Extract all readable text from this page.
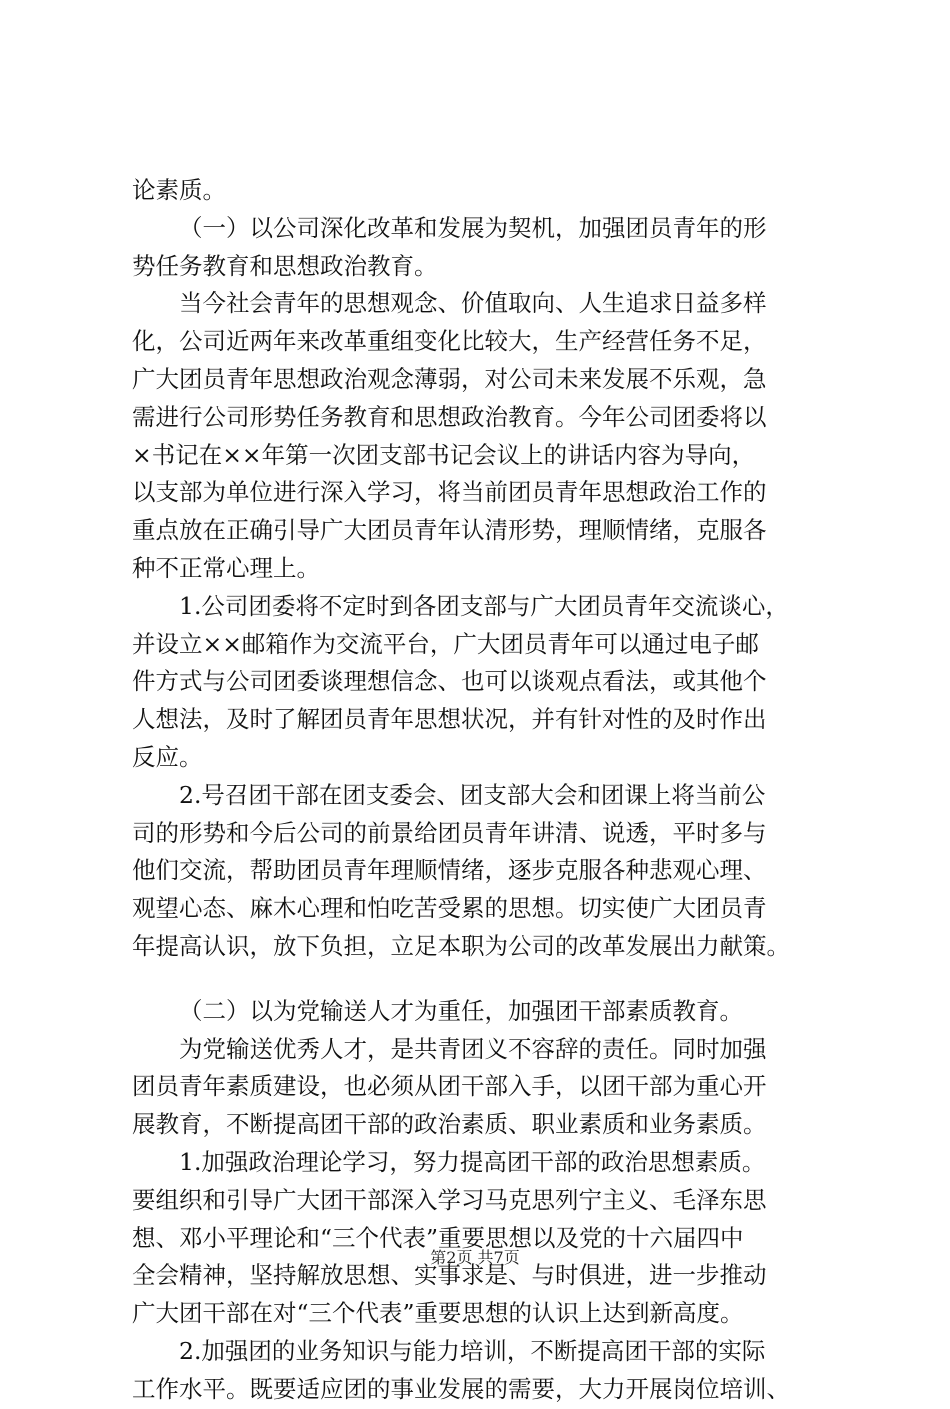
论素质。
（一）以公司深化改革和发展为契机，加强团员青年的形
势任务教育和思想政治教育。
当今社会青年的思想观念、价值取向、人生追求日益多样
化，公司近两年来改革重组变化比较大，生产经营任务不足，
广大团员青年思想政治观念薄弱，对公司未来发展不乐观，急
需进行公司形势任务教育和思想政治教育。今年公司团委将以
×书记在××年第一次团支部书记会议上的讲话内容为导向，
以支部为单位进行深入学习，将当前团员青年思想政治工作的
重点放在正确引导广大团员青年认清形势，理顺情绪，克服各
种不正常心理上。
1.公司团委将不定时到各团支部与广大团员青年交流谈心，
并设立××邮箱作为交流平台，广大团员青年可以通过电子邮
件方式与公司团委谈理想信念、也可以谈观点看法，或其他个
人想法，及时了解团员青年思想状况，并有针对性的及时作出
反应。
2.号召团干部在团支委会、团支部大会和团课上将当前公
司的形势和今后公司的前景给团员青年讲清、说透，平时多与
他们交流，帮助团员青年理顺情绪，逐步克服各种悲观心理、
观望心态、麻木心理和怕吃苦受累的思想。切实使广大团员青
年提高认识，放下负担，立足本职为公司的改革发展出力献策。
（二）以为党输送人才为重任，加强团干部素质教育。
为党输送优秀人才，是共青团义不容辞的责任。同时加强
团员青年素质建设，也必须从团干部入手，以团干部为重心开
展教育，不断提高团干部的政治素质、职业素质和业务素质。
1.加强政治理论学习，努力提高团干部的政治思想素质。
要组织和引导广大团干部深入学习马克思列宁主义、毛泽东思
想、邓小平理论和“三个代表”重要思想以及党的十六届四中
全会精神，坚持解放思想、实事求是、与时俱进，进一步推动
广大团干部在对“三个代表”重要思想的认识上达到新高度。
2.加强团的业务知识与能力培训，不断提高团干部的实际
工作水平。既要适应团的事业发展的需要，大力开展岗位培训、
第2页 共7页
